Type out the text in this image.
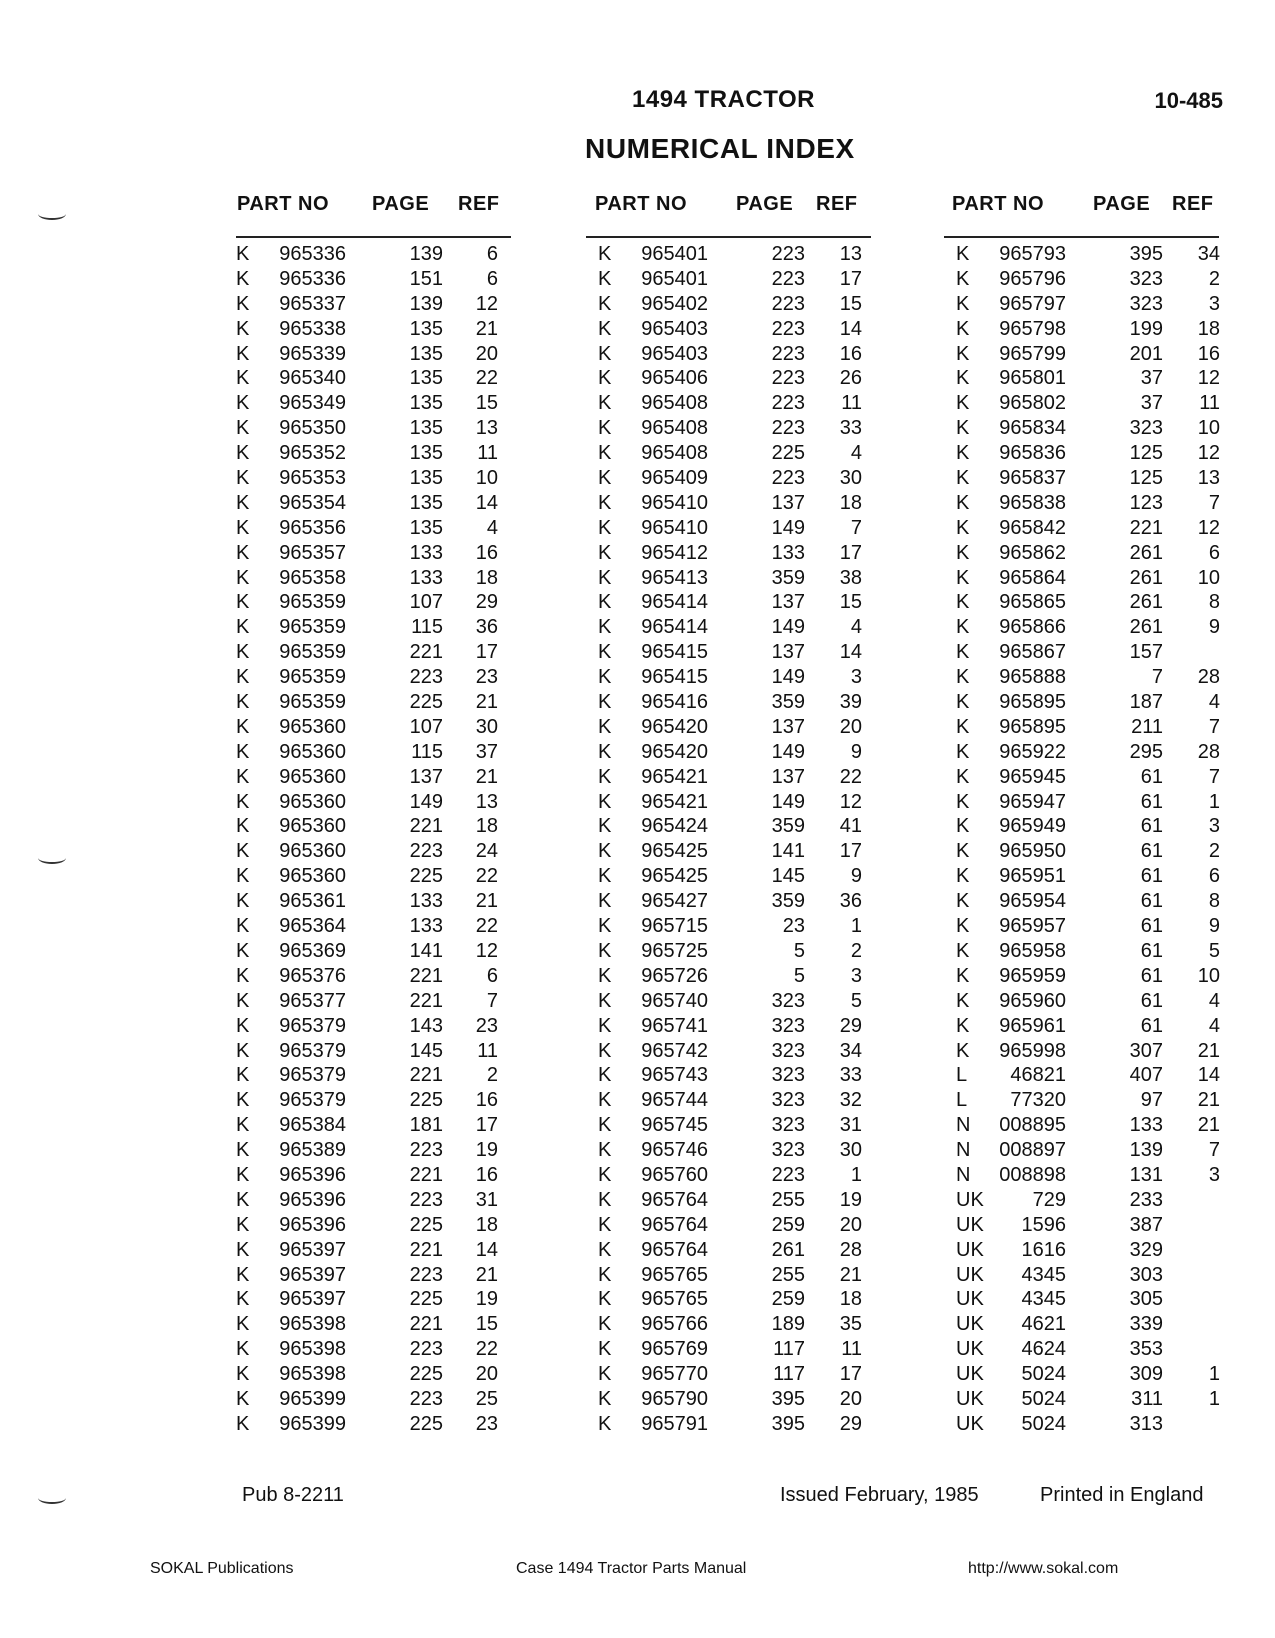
1494 TRACTOR	10-485
NUMERICAL INDEX
PART NO PAGE REF	PART NO PAGE REF	PART NO PAGE REF
K 965336	139	6
K 965336	151	6
K 965337	139	12
K 965338	135	21
K 965339	135	20
K 965340	135	22
K 965349	135	15
K 965350	135	13
K 965352	135	11
K 965353	135	10
K 965354	135	14
K 965356	135	4
K 965357	133	16
K 965358	133	18
K 965359	107	29
K 965359	115	36
K 965359	221	17
K 965359	223	23
K 965359	225	21
K 965360	107	30
K 965360	115	37
K 965360	137	21
K 965360	149	13
K 965360	221	18
K 965360	223	24
K 965360	225	22
K 965361	133	21
K 965364	133	22
K 965369	141	12
K 965376	221	6
K 965377	221	7
K 965379	143	23
K 965379	145	11
K 965379	221	2
K 965379	225	16
K 965384	181	17
K 965389	223	19
K 965396	221	16
K 965396	223	31
K 965396	225	18
K 965397	221	14
K 965397	223	21
K 965397	225	19
K 965398	221	15
K 965398	223	22
K 965398	225	20
K 965399	223	25
K 965399	225	23
K 965401	223	13
K 965401	223	17
K 965402	223	15
K 965403	223	14
K 965403	223	16
K 965406	223	26
K 965408	223	11
K 965408	223	33
K 965408	225	4
K 965409	223	30
K 965410	137	18
K 965410	149	7
K 965412	133	17
K 965413	359	38
K 965414	137	15
K 965414	149	4
K 965415	137	14
K 965415	149	3
K 965416	359	39
K 965420	137	20
K 965420	149	9
K 965421	137	22
K 965421	149	12
K 965424	359	41
K 965425	141	17
K 965425	145	9
K 965427	359	36
K 965715	23	1
K 965725	5	2
K 965726	5	3
K 965740	323	5
K 965741	323	29
K 965742	323	34
K 965743	323	33
K 965744	323	32
K 965745	323	31
K 965746	323	30
K 965760	223	1
K 965764	255	19
K 965764	259	20
K 965764	261	28
K 965765	255	21
K 965765	259	18
K 965766	189	35
K 965769	117	11
K 965770	117	17
K 965790	395	20
K 965791	395	29
K 965793	395	34
K 965796	323	2
K 965797	323	3
K 965798	199	18
K 965799	201	16
K 965801	37	12
K 965802	37	11
K 965834	323	10
K 965836	125	12
K 965837	125	13
K 965838	123	7
K 965842	221	12
K 965862	261	6
K 965864	261	10
K 965865	261	8
K 965866	261	9
K 965867	157
K 965888	7	28
K 965895	187	4
K 965895	211	7
K 965922	295	28
K 965945	61	7
K 965947	61	1
K 965949	61	3
K 965950	61	2
K 965951	61	6
K 965954	61	8
K 965957	61	9
K 965958	61	5
K 965959	61	10
K 965960	61	4
K 965961	61	4
K 965998	307	21
L	46821	407	14
L	77320	97	21
N 008895	133	21
N 008897	139	7
N 008898	131	3
UK	729	233
UK	1596	387
UK	1616	329
UK	4345	303
UK	4345	305
UK	4621	339
UK	4624	353
UK	5024	309	1
UK	5024	311	1
UK	5024	313
Pub 8-2211	Issued February, 1985	Printed in England
SOKAL Publications	Case 1494 Tractor Parts Manual	http://www.sokal.com
